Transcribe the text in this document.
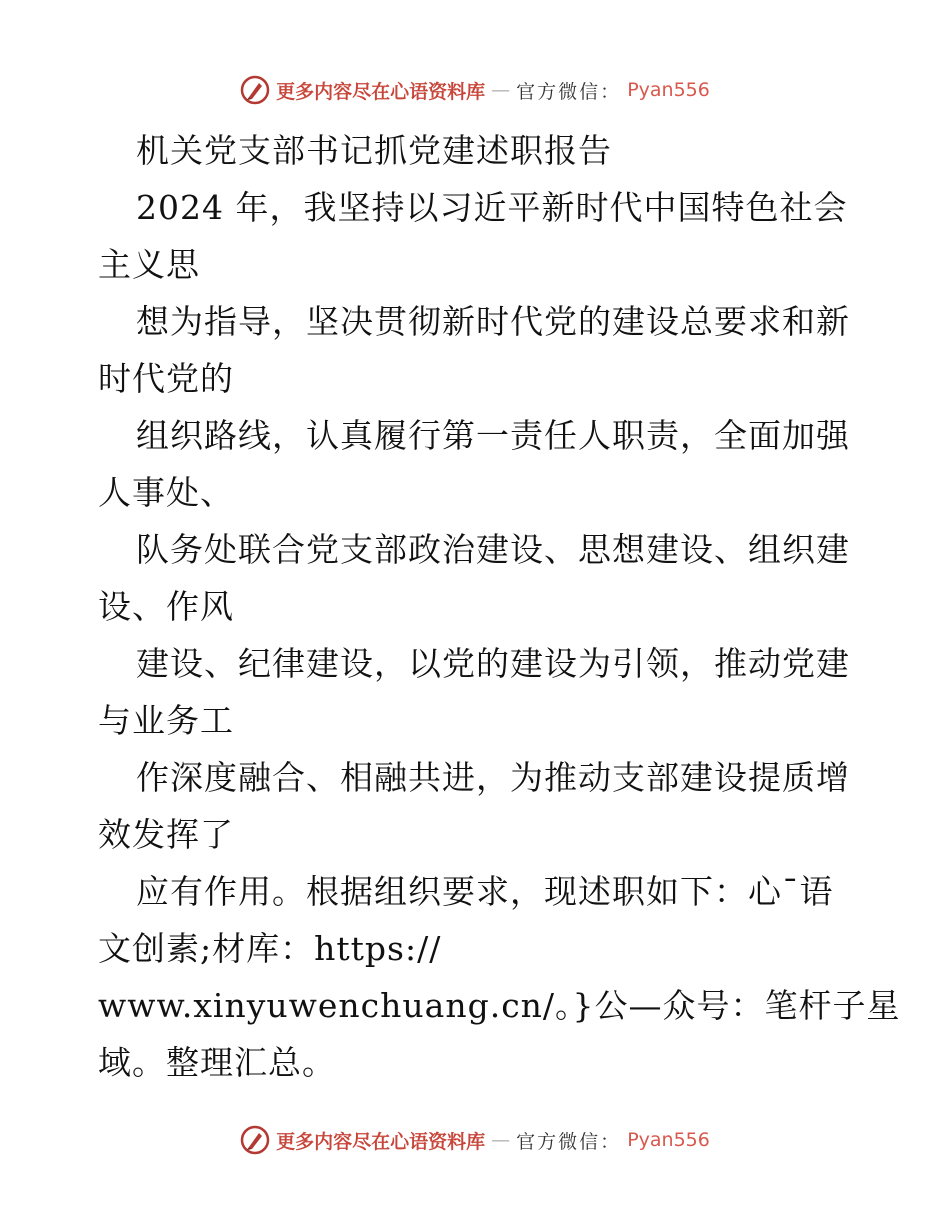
更多内容尽在心语资料库 — 官方微信： Pyan556
机关党支部书记抓党建述职报告
2024 年，我坚持以习近平新时代中国特色社会
主义思
想为指导，坚决贯彻新时代党的建设总要求和新
时代党的
组织路线，认真履行第一责任人职责，全面加强
人事处、
队务处联合党支部政治建设、思想建设、组织建
设、作风
建设、纪律建设，以党的建设为引领，推动党建
与业务工
作深度融合、相融共进，为推动支部建设提质增
效发挥了
应有作用。根据组织要求，现述职如下：心¯语
文创素;材库：https://
www.xinyuwenchuang.cn/。}公—众号：笔杆子星
域。整理汇总。
更多内容尽在心语资料库 — 官方微信： Pyan556
